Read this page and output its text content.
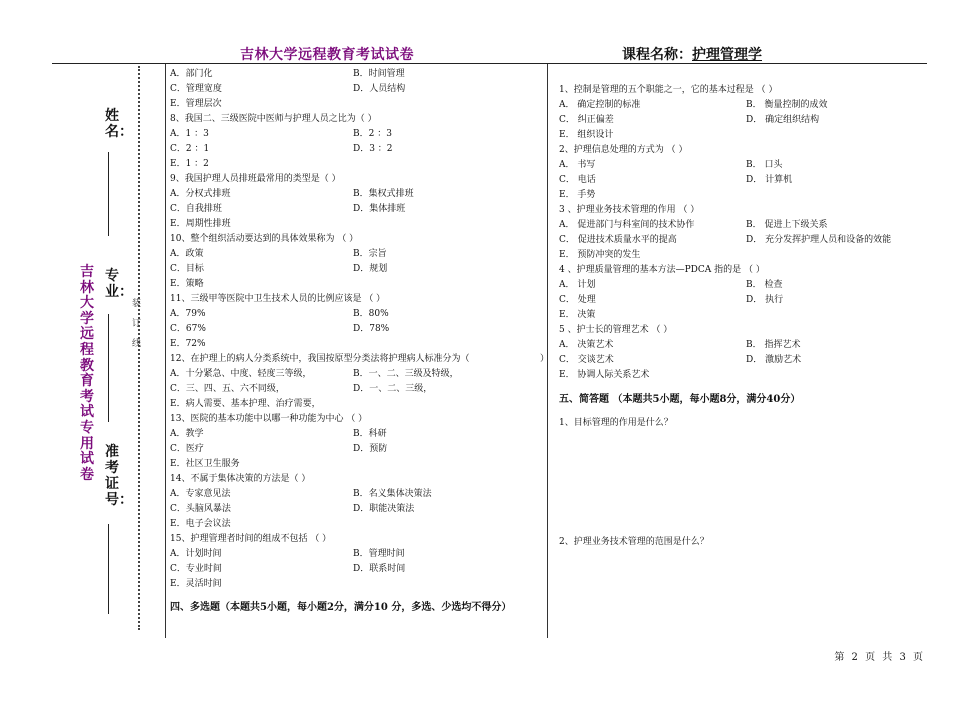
吉林大学远程教育考试试卷	课程名称：护理管理学
姓名：
专业：
准考证号：
吉林大学远程教育考试专用试卷
装
订
线
A．部门化	B．时间管理
C．管理宽度	D．人员结构
E．管理层次
8、我国二、三级医院中医师与护理人员之比为（ ）
A．1 ：3	B．2 ：3
C．2 ：1	D．3 ：2
E．1 ：2
9、我国护理人员排班最常用的类型是（ ）
A．分权式排班	B．集权式排班
C．自我排班	D．集体排班
E．周期性排班
10、整个组织活动要达到的具体效果称为 （ ）
A．政策	B．宗旨
C．目标	D．规划
E．策略
11、三级甲等医院中卫生技术人员的比例应该是 （ ）
A．79%	B．80%
C．67%	D．78%
E．72%
12、在护理上的病人分类系统中，我国按原型分类法将护理病人标准分为（	）
A．十分紧急、中度、轻度三等级，	B．一、二、三级及特级，
C．三、四、五、六不同级，	D．一、二、三级，
E．病人需要、基本护理、治疗需要，
13、医院的基本功能中以哪一种功能为中心 （ ）
A．教学	B．科研
C．医疗	D．预防
E．社区卫生服务
14、不属于集体决策的方法是（ ）
A．专家意见法	B．名义集体决策法
C．头脑风暴法	D．职能决策法
E．电子会议法
15、护理管理者时间的组成不包括 （ ）
A．计划时间	B．管理时间
C．专业时间	D．联系时间
E．灵活时间
四、多选题（本题共5小题，每小题2分，满分10 分，多选、少选均不得分）
1、控制是管理的五个职能之一，它的基本过程是 （ ）
A． 确定控制的标准	B． 衡量控制的成效
C． 纠正偏差	D． 确定组织结构
E． 组织设计
2、护理信息处理的方式为 （ ）
A． 书写	B． 口头
C． 电话	D． 计算机
E． 手势
3 、护理业务技术管理的作用 （ ）
A． 促进部门与科室间的技术协作	B． 促进上下级关系
C． 促进技术质量水平的提高	D． 充分发挥护理人员和设备的效能
E． 预防冲突的发生
4 、护理质量管理的基本方法—PDCA 指的是 （ ）
A． 计划	B． 检查
C． 处理	D． 执行
E． 决策
5 、护士长的管理艺术 （ ）
A． 决策艺术	B． 指挥艺术
C． 交谈艺术	D． 激励艺术
E． 协调人际关系艺术
五、简答题 （本题共5小题，每小题8分，满分40分）
1、目标管理的作用是什么？
2、护理业务技术管理的范围是什么？
第 2 页 共 3 页
